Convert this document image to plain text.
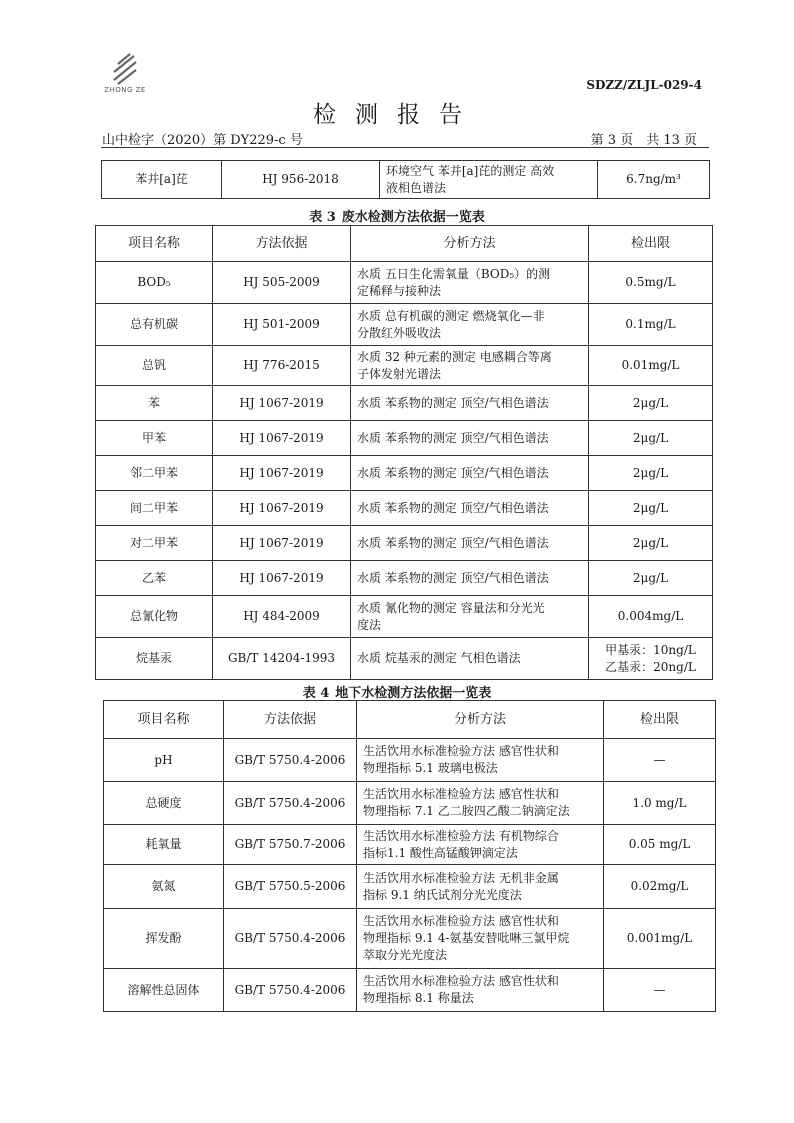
ZHONG ZE	SDZZ/ZLJL-029-4
检测报告
山中检字（2020）第 DY229-c 号	第 3 页　共 13 页
苯并[a]芘	HJ 956-2018	环境空气 苯并[a]芘的测定 高效
液相色谱法	6.7ng/m³
表 3 废水检测方法依据一览表
项目名称	方法依据	分析方法	检出限
BOD₅	HJ 505-2009	水质 五日生化需氧量（BOD₅）的测
定稀释与接种法	0.5mg/L
总有机碳	HJ 501-2009	水质 总有机碳的测定 燃烧氧化—非
分散红外吸收法	0.1mg/L
总钒	HJ 776-2015	水质 32 种元素的测定 电感耦合等离
子体发射光谱法	0.01mg/L
苯	HJ 1067-2019	水质 苯系物的测定 顶空/气相色谱法	2μg/L
甲苯	HJ 1067-2019	水质 苯系物的测定 顶空/气相色谱法	2μg/L
邻二甲苯	HJ 1067-2019	水质 苯系物的测定 顶空/气相色谱法	2μg/L
间二甲苯	HJ 1067-2019	水质 苯系物的测定 顶空/气相色谱法	2μg/L
对二甲苯	HJ 1067-2019	水质 苯系物的测定 顶空/气相色谱法	2μg/L
乙苯	HJ 1067-2019	水质 苯系物的测定 顶空/气相色谱法	2μg/L
总氰化物	HJ 484-2009	水质 氰化物的测定 容量法和分光光
度法	0.004mg/L
烷基汞	GB/T 14204-1993	水质 烷基汞的测定 气相色谱法	甲基汞：10ng/L
乙基汞：20ng/L
表 4 地下水检测方法依据一览表
项目名称	方法依据	分析方法	检出限
pH	GB/T 5750.4-2006	生活饮用水标准检验方法 感官性状和
物理指标 5.1 玻璃电极法	—
总硬度	GB/T 5750.4-2006	生活饮用水标准检验方法 感官性状和
物理指标 7.1 乙二胺四乙酸二钠滴定法	1.0 mg/L
耗氧量	GB/T 5750.7-2006	生活饮用水标准检验方法 有机物综合
指标1.1 酸性高锰酸钾滴定法	0.05 mg/L
氨氮	GB/T 5750.5-2006	生活饮用水标准检验方法 无机非金属
指标 9.1 纳氏试剂分光光度法	0.02mg/L
挥发酚	GB/T 5750.4-2006	生活饮用水标准检验方法 感官性状和
物理指标 9.1 4-氨基安替吡啉三氯甲烷
萃取分光光度法	0.001mg/L
溶解性总固体	GB/T 5750.4-2006	生活饮用水标准检验方法 感官性状和
物理指标 8.1 称量法	—
